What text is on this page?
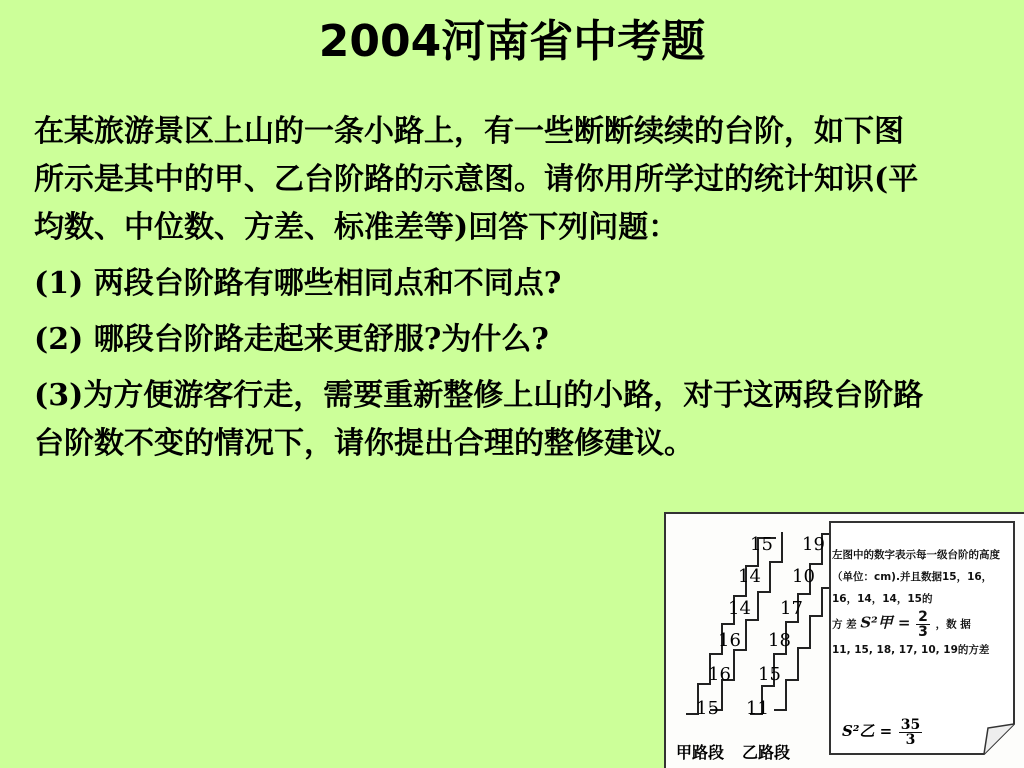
2004河南省中考题

在某旅游景区上山的一条小路上，有一些断断续续的台阶，如下图所示是其中的甲、乙台阶路的示意图。请你用所学过的统计知识(平均数、中位数、方差、标准差等)回答下列问题：

(1) 两段台阶路有哪些相同点和不同点?

(2) 哪段台阶路走起来更舒服?为什么?

(3)为方便游客行走，需要重新整修上山的小路，对于这两段台阶路台阶数不变的情况下，请你提出合理的整修建议。

15
14
14
16
16
15
19
10
17
18
15
11
甲路段 乙路段
左图中的数字表示每一级台阶的高度（单位：cm).并且数据15，16，16，14，14，15的
方 差 S²甲 = $\frac{2}{3}$ ，数 据
11, 15, 18, 17, 10, 19的方差
S²乙 = $\frac{35}{3}$
